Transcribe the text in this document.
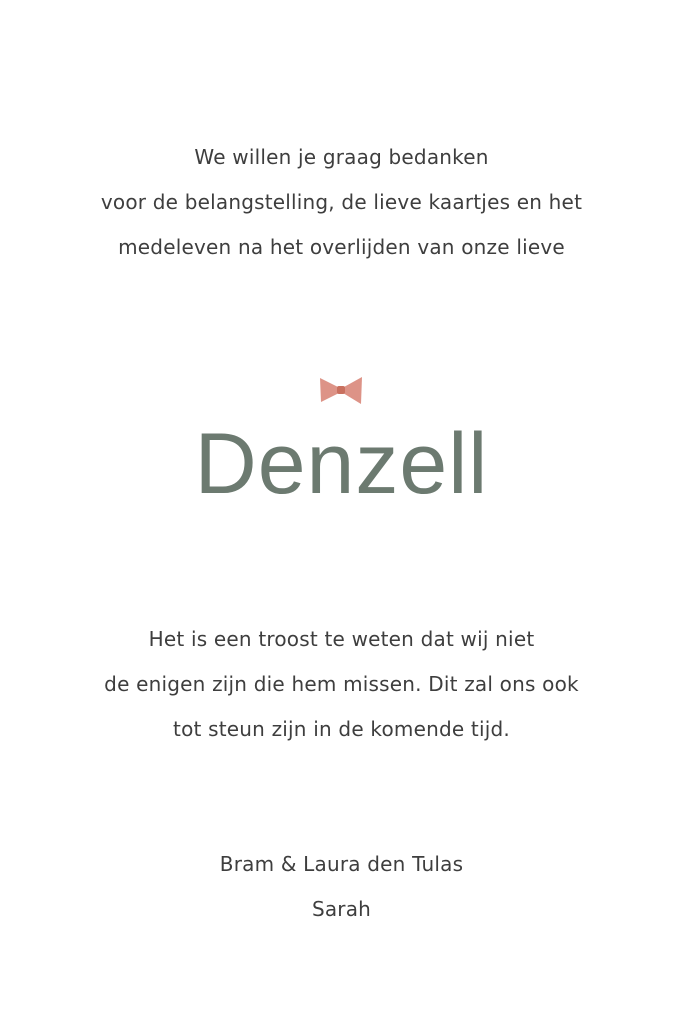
We willen je graag bedanken
voor de belangstelling, de lieve kaartjes en het
medeleven na het overlijden van onze lieve
Denzell
Het is een troost te weten dat wij niet
de enigen zijn die hem missen. Dit zal ons ook
tot steun zijn in de komende tijd.
Bram & Laura den Tulas
Sarah
